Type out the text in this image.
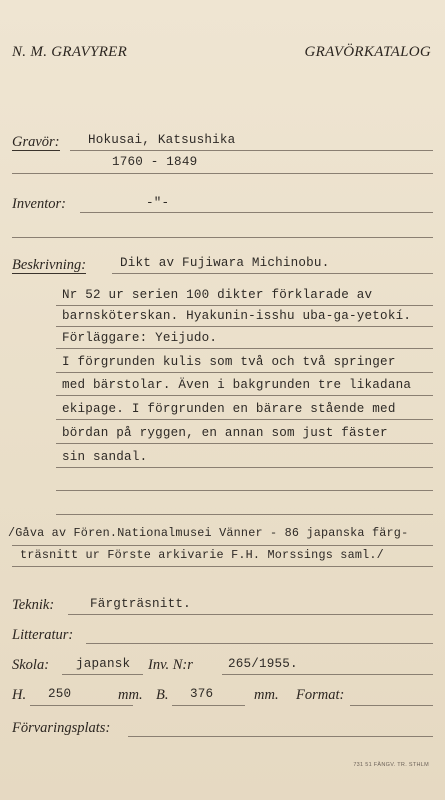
N. M. GRAVYRER	GRAVÖRKATALOG
Gravör: Hokusai, Katsushika
1760 - 1849
Inventor:	-"-
Beskrivning:	Dikt av Fujiwara Michinobu.
Nr 52 ur serien 100 dikter förklarade av
barnsköterskan. Hyakunin-isshu uba-ga-yetokí.
Förläggare: Yeijudo.
I förgrunden kulis som två och två springer
med bärstolar. Även i bakgrunden tre likadana
ekipage. I förgrunden en bärare stående med
bördan på ryggen, en annan som just fäster
sin sandal.
/Gåva av Fören.Nationalmusei Vänner - 86 japanska färg-
träsnitt ur Förste arkivarie F.H. Morssings saml./
Teknik:	Färgträsnitt.
Litteratur:
Skola: japansk Inv. N:r	265/1955.
H. 250	mm. B. 376	mm. Format:
Förvaringsplats:
731 51 FÄNGV. TR. STHLM
